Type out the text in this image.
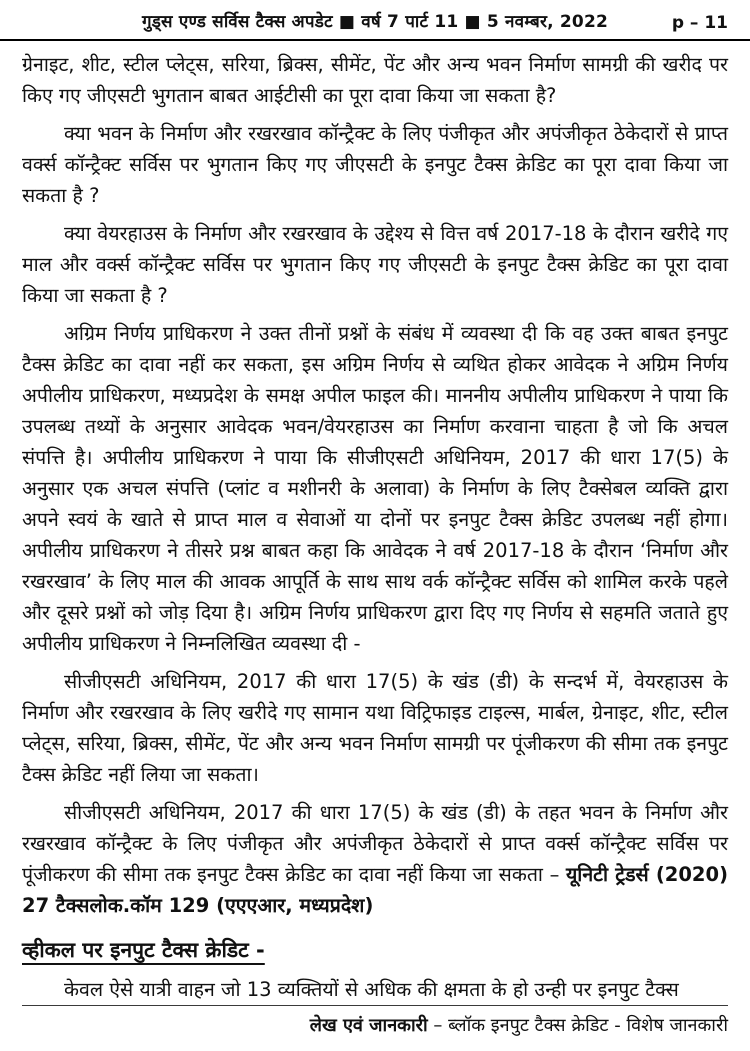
गुड्स एण्ड सर्विस टैक्स अपडेट ■ वर्ष 7 पार्ट 11 ■ 5 नवम्बर, 2022	p – 11

ग्रेनाइट, शीट, स्टील प्लेट्स, सरिया, ब्रिक्स, सीमेंट, पेंट और अन्य भवन निर्माण सामग्री की खरीद पर किए गए जीएसटी भुगतान बाबत आईटीसी का पूरा दावा किया जा सकता है?

क्या भवन के निर्माण और रखरखाव कॉन्ट्रैक्ट के लिए पंजीकृत और अपंजीकृत ठेकेदारों से प्राप्त वर्क्स कॉन्ट्रैक्ट सर्विस पर भुगतान किए गए जीएसटी के इनपुट टैक्स क्रेडिट का पूरा दावा किया जा सकता है ?

क्या वेयरहाउस के निर्माण और रखरखाव के उद्देश्य से वित्त वर्ष 2017-18 के दौरान खरीदे गए माल और वर्क्स कॉन्ट्रैक्ट सर्विस पर भुगतान किए गए जीएसटी के इनपुट टैक्स क्रेडिट का पूरा दावा किया जा सकता है ?

अग्रिम निर्णय प्राधिकरण ने उक्त तीनों प्रश्नों के संबंध में व्यवस्था दी कि वह उक्त बाबत इनपुट टैक्स क्रेडिट का दावा नहीं कर सकता, इस अग्रिम निर्णय से व्यथित होकर आवेदक ने अग्रिम निर्णय अपीलीय प्राधिकरण, मध्यप्रदेश के समक्ष अपील फाइल की। माननीय अपीलीय प्राधिकरण ने पाया कि उपलब्ध तथ्यों के अनुसार आवेदक भवन/वेयरहाउस का निर्माण करवाना चाहता है जो कि अचल संपत्ति है। अपीलीय प्राधिकरण ने पाया कि सीजीएसटी अधिनियम, 2017 की धारा 17(5) के अनुसार एक अचल संपत्ति (प्लांट व मशीनरी के अलावा) के निर्माण के लिए टैक्सेबल व्यक्ति द्वारा अपने स्वयं के खाते से प्राप्त माल व सेवाओं या दोनों पर इनपुट टैक्स क्रेडिट उपलब्ध नहीं होगा। अपीलीय प्राधिकरण ने तीसरे प्रश्न बाबत कहा कि आवेदक ने वर्ष 2017-18 के दौरान ‘निर्माण और रखरखाव’ के लिए माल की आवक आपूर्ति के साथ साथ वर्क कॉन्ट्रैक्ट सर्विस को शामिल करके पहले और दूसरे प्रश्नों को जोड़ दिया है। अग्रिम निर्णय प्राधिकरण द्वारा दिए गए निर्णय से सहमति जताते हुए अपीलीय प्राधिकरण ने निम्नलिखित व्यवस्था दी -

सीजीएसटी अधिनियम, 2017 की धारा 17(5) के खंड (डी) के सन्दर्भ में, वेयरहाउस के निर्माण और रखरखाव के लिए खरीदे गए सामान यथा विट्रिफाइड टाइल्स, मार्बल, ग्रेनाइट, शीट, स्टील प्लेट्स, सरिया, ब्रिक्स, सीमेंट, पेंट और अन्य भवन निर्माण सामग्री पर पूंजीकरण की सीमा तक इनपुट टैक्स क्रेडिट नहीं लिया जा सकता।

सीजीएसटी अधिनियम, 2017 की धारा 17(5) के खंड (डी) के तहत भवन के निर्माण और रखरखाव कॉन्ट्रैक्ट के लिए पंजीकृत और अपंजीकृत ठेकेदारों से प्राप्त वर्क्स कॉन्ट्रैक्ट सर्विस पर पूंजीकरण की सीमा तक इनपुट टैक्स क्रेडिट का दावा नहीं किया जा सकता – यूनिटी ट्रेडर्स (2020) 27 टैक्सलोक.कॉम 129 (एएएआर, मध्यप्रदेश)

व्हीकल पर इनपुट टैक्स क्रेडिट -

केवल ऐसे यात्री वाहन जो 13 व्यक्तियों से अधिक की क्षमता के हो उन्ही पर इनपुट टैक्स

लेख एवं जानकारी – ब्लॉक इनपुट टैक्स क्रेडिट - विशेष जानकारी
